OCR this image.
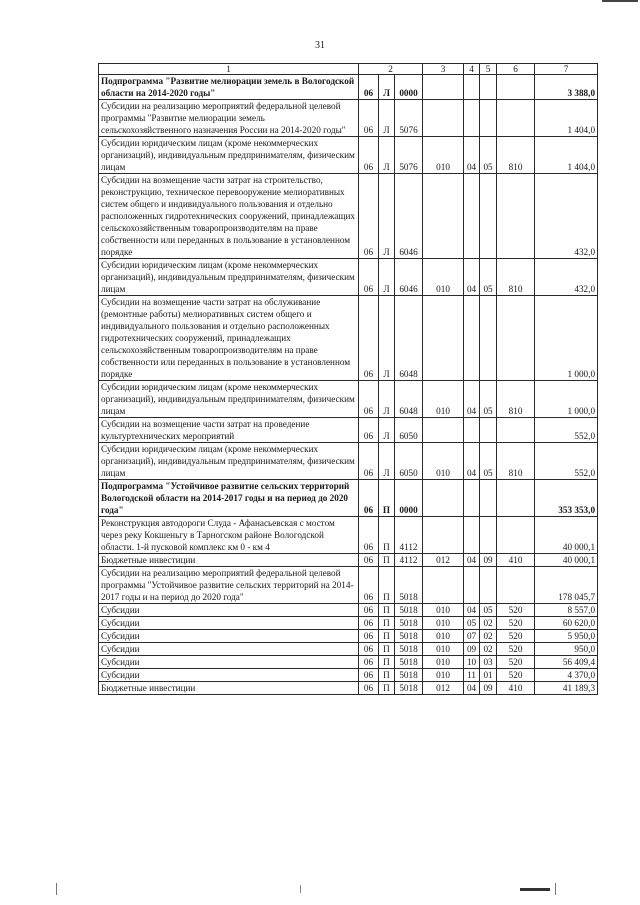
31
1	2			3	4	5	6	7
Подпрограмма "Развитие мелиорации земель в Вологодской области на 2014-2020 годы"	06	Л	0000					3 388,0
Субсидии на реализацию мероприятий федеральной целевой программы "Развитие мелиорации земель сельскохозяйственного назначения России на 2014-2020 годы"	06	Л	5076					1 404,0
Субсидии юридическим лицам (кроме некоммерческих организаций), индивидуальным предпринимателям, физическим лицам	06	Л	5076	010	04	05	810	1 404,0
Субсидии на возмещение части затрат на строительство, реконструкцию, техническое перевооружение мелиоративных систем общего и индивидуального пользования и отдельно расположенных гидротехнических сооружений, принадлежащих сельскохозяйственным товаропроизводителям на праве собственности или переданных в пользование в установленном порядке	06	Л	6046					432,0
Субсидии юридическим лицам (кроме некоммерческих организаций), индивидуальным предпринимателям, физическим лицам	06	Л	6046	010	04	05	810	432,0
Субсидии на возмещение части затрат на обслуживание (ремонтные работы) мелиоративных систем общего и индивидуального пользования и отдельно расположенных гидротехнических сооружений, принадлежащих сельскохозяйственным товаропроизводителям на праве собственности или переданных в пользование в установленном порядке	06	Л	6048					1 000,0
Субсидии юридическим лицам (кроме некоммерческих организаций), индивидуальным предпринимателям, физическим лицам	06	Л	6048	010	04	05	810	1 000,0
Субсидии на возмещение части затрат на проведение культуртехнических мероприятий	06	Л	6050					552,0
Субсидии юридическим лицам (кроме некоммерческих организаций), индивидуальным предпринимателям, физическим лицам	06	Л	6050	010	04	05	810	552,0
Подпрограмма "Устойчивое развитие сельских территорий Вологодской области на 2014-2017 годы и на период до 2020 года"	06	П	0000					353 353,0
Реконструкция автодороги Слуда - Афанасьевская с мостом через реку Кокшеньгу в Тарногском районе Вологодской области. 1-й пусковой комплекс км 0 - км 4	06	П	4112					40 000,1
Бюджетные инвестиции	06	П	4112	012	04	09	410	40 000,1
Субсидии на реализацию мероприятий федеральной целевой программы "Устойчивое развитие сельских территорий на 2014-2017 годы и на период до 2020 года"	06	П	5018					178 045,7
Субсидии	06	П	5018	010	04	05	520	8 557,0
Субсидии	06	П	5018	010	05	02	520	60 620,0
Субсидии	06	П	5018	010	07	02	520	5 950,0
Субсидии	06	П	5018	010	09	02	520	950,0
Субсидии	06	П	5018	010	10	03	520	56 409,4
Субсидии	06	П	5018	010	11	01	520	4 370,0
Бюджетные инвестиции	06	П	5018	012	04	09	410	41 189,3
